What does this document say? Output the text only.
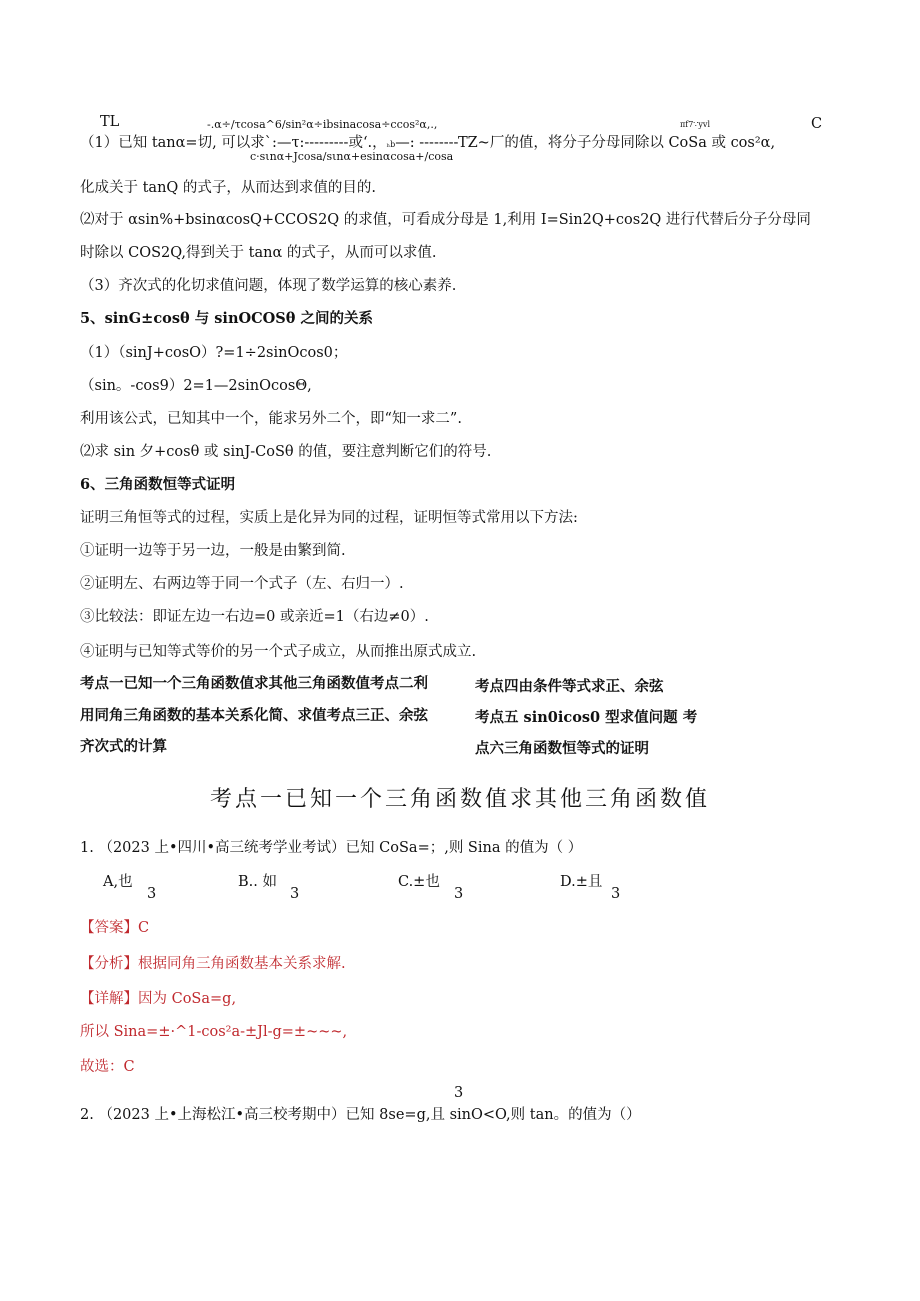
TL	-.α÷/τcosa^6∕sin²α÷ibsinacosa÷ccos²α,.,	πf7∵yvl	C
（1）已知 tanα=切, 可以求`:—τ:---------或‘.，ₕb—: --------TZ~厂的值，将分子分母同除以 CoSa 或 cos²α,
c·sιnα+Jcosa∕sιnα+esinαcosa+/cosa
化成关于 tanQ 的式子，从而达到求值的目的.
⑵对于 αsin%+bsinαcosQ+CCOS2Q 的求值，可看成分母是 1,利用 I=Sin2Q+cos2Q 进行代替后分子分母同
时除以 COS2Q,得到关于 tanα 的式子，从而可以求值.
（3）齐次式的化切求值问题，体现了数学运算的核心素养.
5、sinG±cosθ 与 sinOCOSθ 之间的关系
（1）（sinJ+cosO）?=1÷2sinOcos0；
（sin。-cos9）2=1—2sinOcosΘ,
利用该公式，已知其中一个，能求另外二个，即“知一求二”.
⑵求 sin 夕+cosθ 或 sinJ-CoSθ 的值，要注意判断它们的符号.
6、三角函数恒等式证明
证明三角恒等式的过程，实质上是化异为同的过程，证明恒等式常用以下方法:
①证明一边等于另一边，一般是由繁到简.
②证明左、右两边等于同一个式子（左、右归一）.
③比较法：即证左边一右边=0 或亲近=1（右边≠0）.
④证明与已知等式等价的另一个式子成立，从而推出原式成立.
考点一已知一个三角函数值求其他三角函数值考点二利
用同角三角函数的基本关系化简、求值考点三正、余弦
齐次式的计算
考点四由条件等式求正、余弦
考点五 sin0icos0 型求值问题 考
点六三角函数恒等式的证明
考点一已知一个三角函数值求其他三角函数值
1. （2023 上•四川•高三统考学业考试）已知 CoSa=；,则 Sina 的值为（ ）
A,也
3
B.. 如
3
C.±也
3
D.±且
3
【答案】C
【分析】根据同角三角函数基本关系求解.
【详解】因为 CoSa=g,
所以 Sina=±·^1-cos²a-±Jl-g=±~~~,
故选：C
3
2. （2023 上•上海松江•高三校考期中）已知 8se=g,且 sinO<O,则 tan。的值为（）
